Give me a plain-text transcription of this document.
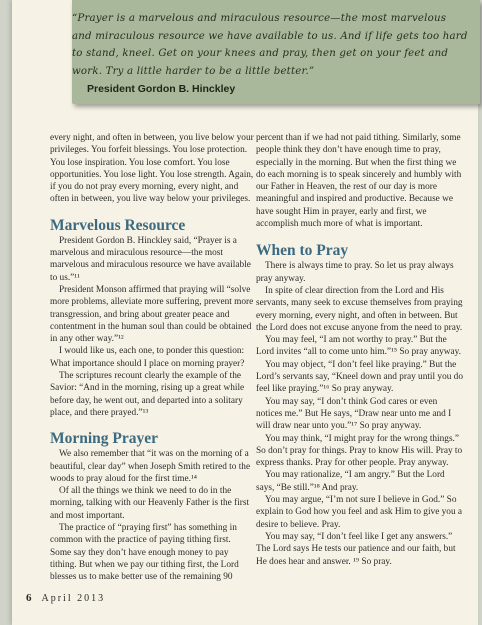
“Prayer is a marvelous and miraculous resource—the most marvelous and miraculous resource we have available to us. And if life gets too hard to stand, kneel. Get on your knees and pray, then get on your feet and work. Try a little harder to be a little better.”
President Gordon B. Hinckley

every night, and often in between, you live below your privileges. You forfeit blessings. You lose protection. You lose inspiration. You lose comfort. You lose opportunities. You lose light. You lose strength. Again, if you do not pray every morning, every night, and often in between, you live way below your privileges.

Marvelous Resource

President Gordon B. Hinckley said, “Prayer is a marvelous and miraculous resource—the most marvelous and miraculous resource we have available to us.”¹¹

President Monson affirmed that praying will “solve more problems, alleviate more suffering, prevent more transgression, and bring about greater peace and contentment in the human soul than could be obtained in any other way.”¹²

I would like us, each one, to ponder this question: What importance should I place on morning prayer?

The scriptures recount clearly the example of the Savior: “And in the morning, rising up a great while before day, he went out, and departed into a solitary place, and there prayed.”¹³

Morning Prayer

We also remember that “it was on the morning of a beautiful, clear day” when Joseph Smith retired to the woods to pray aloud for the first time.¹⁴

Of all the things we think we need to do in the morning, talking with our Heavenly Father is the first and most important.

The practice of “praying first” has something in common with the practice of paying tithing first. Some say they don’t have enough money to pay tithing. But when we pay our tithing first, the Lord blesses us to make better use of the remaining 90

percent than if we had not paid tithing. Similarly, some people think they don’t have enough time to pray, especially in the morning. But when the first thing we do each morning is to speak sincerely and humbly with our Father in Heaven, the rest of our day is more meaningful and inspired and productive. Because we have sought Him in prayer, early and first, we accomplish much more of what is important.

When to Pray

There is always time to pray. So let us pray always pray anyway.

In spite of clear direction from the Lord and His servants, many seek to excuse themselves from praying every morning, every night, and often in between. But the Lord does not excuse anyone from the need to pray.

You may feel, “I am not worthy to pray.” But the Lord invites “all to come unto him.”¹⁵ So pray anyway.

You may object, “I don’t feel like praying.” But the Lord’s servants say, “Kneel down and pray until you do feel like praying.”¹⁶ So pray anyway.

You may say, “I don’t think God cares or even notices me.” But He says, “Draw near unto me and I will draw near unto you.”¹⁷ So pray anyway.

You may think, “I might pray for the wrong things.” So don’t pray for things. Pray to know His will. Pray to express thanks. Pray for other people. Pray anyway.

You may rationalize, “I am angry.” But the Lord says, “Be still.”¹⁸ And pray.

You may argue, “I’m not sure I believe in God.” So explain to God how you feel and ask Him to give you a desire to believe. Pray.

You may say, “I don’t feel like I get any answers.” The Lord says He tests our patience and our faith, but He does hear and answer. ¹⁹ So pray.

6 April 2013
